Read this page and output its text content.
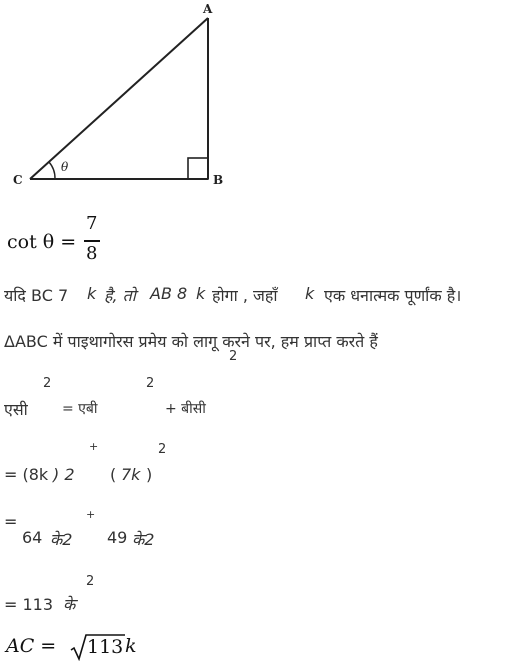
A
B
C
θ
cot θ =
7
8
यदि BC 7 k है, तो AB 8 k होगा , जहाँ k एक धनात्मक पूर्णांक है।
ΔABC में पाइथागोरस प्रमेय को लागू करने पर, हम प्राप्त करते हैं
एसी
2
= एबी
2
+ बीसी
2
= (8k ) 2
+
( 7k )
2
=
64 के2
+
49 के2
= 113 के
2
AC = 113 k
